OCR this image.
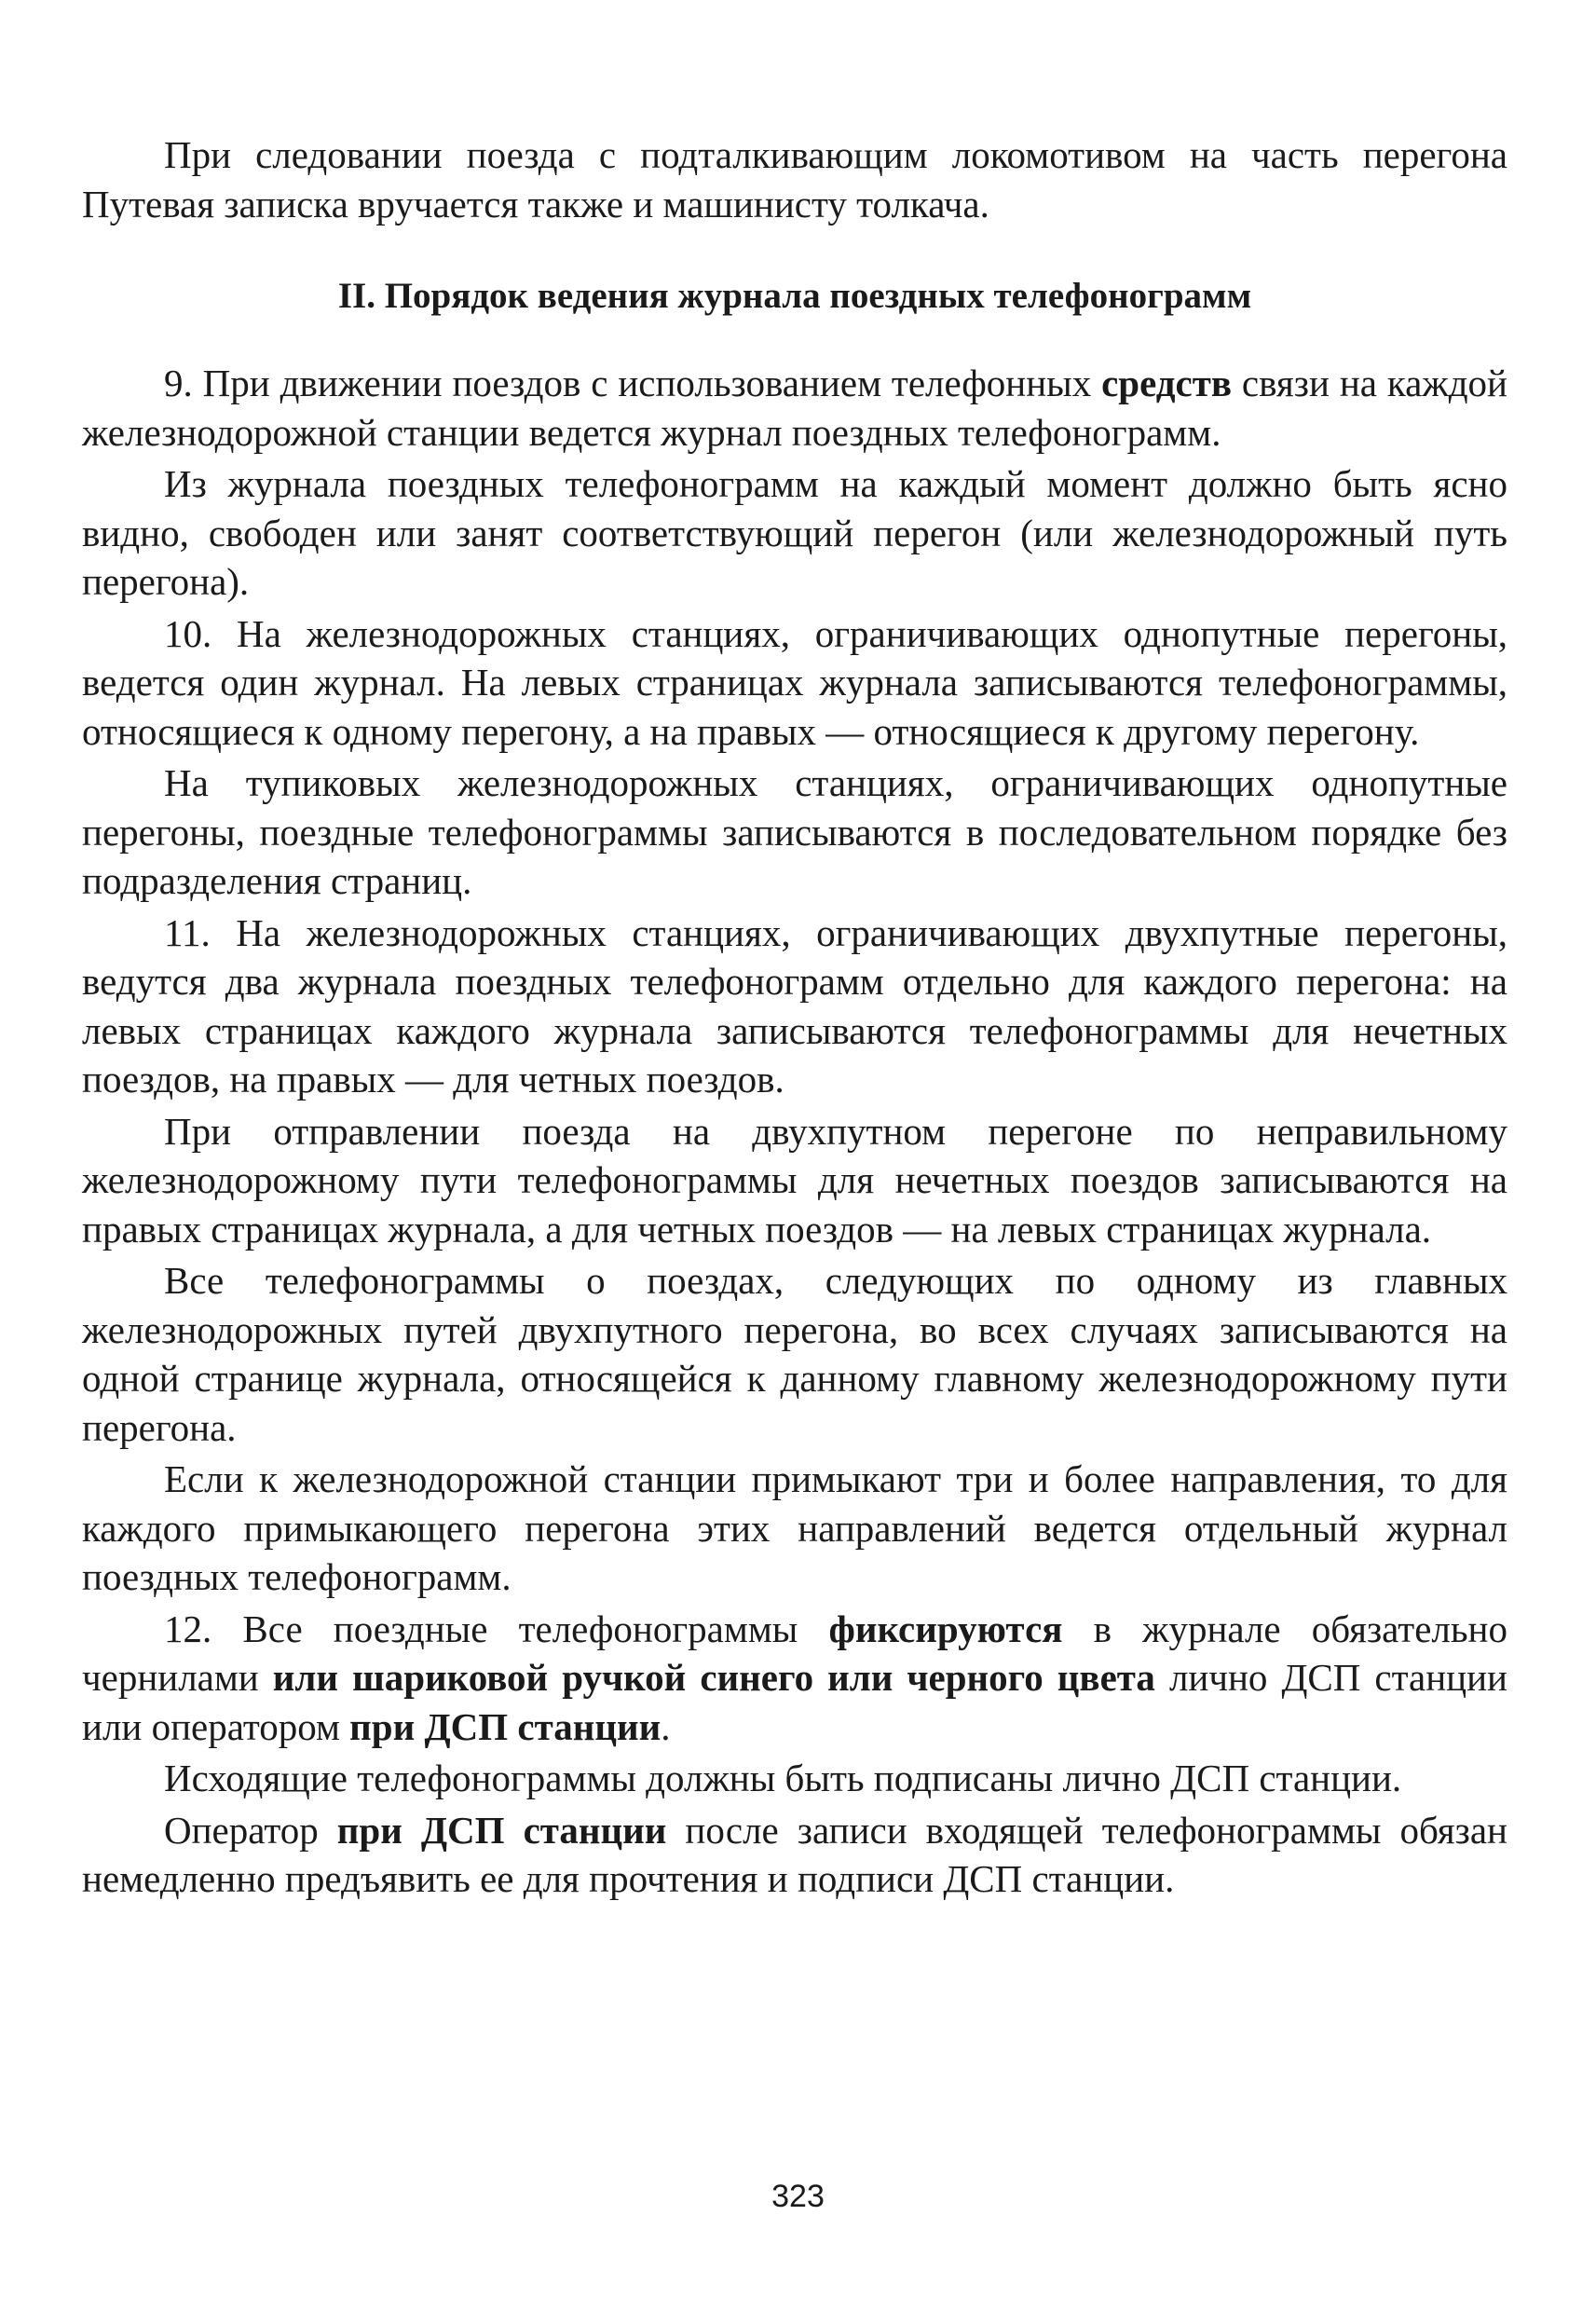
При следовании поезда с подталкивающим локомотивом на часть перегона Путевая записка вручается также и машинисту толкача.

II. Порядок ведения журнала поездных телефонограмм

9. При движении поездов с использованием телефонных средств связи на каждой железнодорожной станции ведется журнал поездных телефонограмм.

Из журнала поездных телефонограмм на каждый момент должно быть ясно видно, свободен или занят соответствующий перегон (или железнодорожный путь перегона).

10. На железнодорожных станциях, ограничивающих однопутные перегоны, ведется один журнал. На левых страницах журнала записываются телефонограммы, относящиеся к одному перегону, а на правых — относящиеся к другому перегону.

На тупиковых железнодорожных станциях, ограничивающих однопутные перегоны, поездные телефонограммы записываются в последовательном порядке без подразделения страниц.

11. На железнодорожных станциях, ограничивающих двухпутные перегоны, ведутся два журнала поездных телефонограмм отдельно для каждого перегона: на левых страницах каждого журнала записываются телефонограммы для нечетных поездов, на правых — для четных поездов.

При отправлении поезда на двухпутном перегоне по неправильному железнодорожному пути телефонограммы для нечетных поездов записываются на правых страницах журнала, а для четных поездов — на левых страницах журнала.

Все телефонограммы о поездах, следующих по одному из главных железнодорожных путей двухпутного перегона, во всех случаях записываются на одной странице журнала, относящейся к данному главному железнодорожному пути перегона.

Если к железнодорожной станции примыкают три и более направления, то для каждого примыкающего перегона этих направлений ведется отдельный журнал поездных телефонограмм.

12. Все поездные телефонограммы фиксируются в журнале обязательно чернилами или шариковой ручкой синего или черного цвета лично ДСП станции или оператором при ДСП станции.

Исходящие телефонограммы должны быть подписаны лично ДСП станции.

Оператор при ДСП станции после записи входящей телефонограммы обязан немедленно предъявить ее для прочтения и подписи ДСП станции.

323
